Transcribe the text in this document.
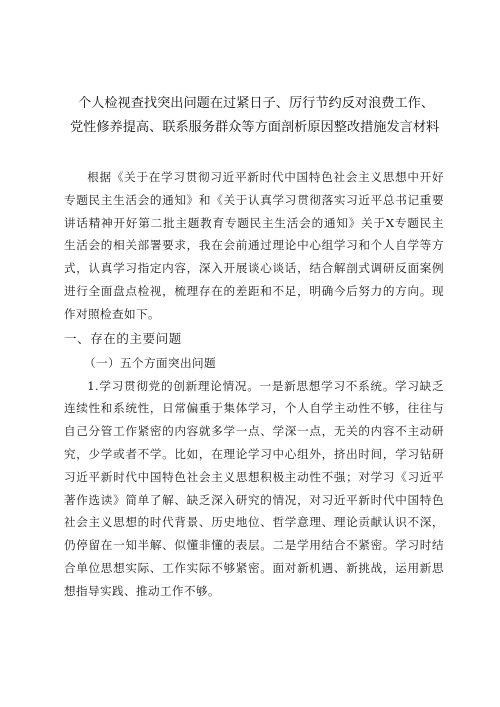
个人检视查找突出问题在过紧日子、厉行节约反对浪费工作、
党性修养提高、联系服务群众等方面剖析原因整改措施发言材料

根据《关于在学习贯彻习近平新时代中国特色社会主义思想中开好专题民主生活会的通知》和《关于认真学习贯彻落实习近平总书记重要讲话精神开好第二批主题教育专题民主生活会的通知》关于X专题民主生活会的相关部署要求，我在会前通过理论中心组学习和个人自学等方式，认真学习指定内容，深入开展谈心谈话，结合解剖式调研反面案例进行全面盘点检视，梳理存在的差距和不足，明确今后努力的方向。现作对照检查如下。

一、存在的主要问题

（一）五个方面突出问题

1.学习贯彻党的创新理论情况。一是新思想学习不系统。学习缺乏连续性和系统性，日常偏重于集体学习，个人自学主动性不够，往往与自己分管工作紧密的内容就多学一点、学深一点，无关的内容不主动研究，少学或者不学。比如，在理论学习中心组外，挤出时间，学习钻研习近平新时代中国特色社会主义思想积极主动性不强；对学习《习近平著作选读》简单了解、缺乏深入研究的情况，对习近平新时代中国特色社会主义思想的时代背景、历史地位、哲学意理、理论贡献认识不深，仍停留在一知半解、似懂非懂的表层。二是学用结合不紧密。学习时结合单位思想实际、工作实际不够紧密。面对新机遇、新挑战，运用新思想指导实践、推动工作不够。
